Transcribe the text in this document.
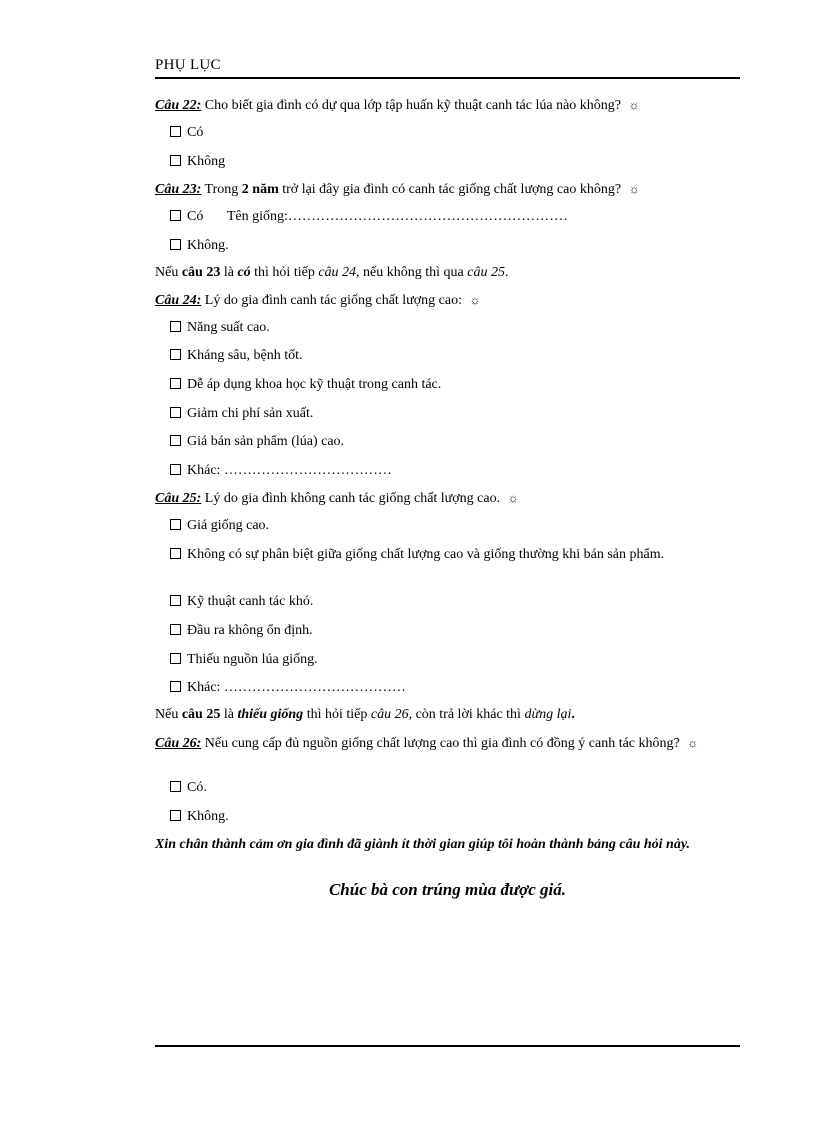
PHỤ LỤC
Câu 22: Cho biết gia đình có dự qua lớp tập huấn kỹ thuật canh tác lúa nào không? ☼
Có
Không
Câu 23: Trong 2 năm trở lại đây gia đình có canh tác giống chất lượng cao không? ☼
Có Tên giống:……………………………………………………
Không.
Nếu câu 23 là có thì hỏi tiếp câu 24, nếu không thì qua câu 25.
Câu 24: Lý do gia đình canh tác giống chất lượng cao: ☼
Năng suất cao.
Kháng sâu, bệnh tốt.
Dễ áp dụng khoa học kỹ thuật trong canh tác.
Giảm chi phí sản xuất.
Giá bán sản phẩm (lúa) cao.
Khác: ………………………………
Câu 25: Lý do gia đình không canh tác giống chất lượng cao. ☼
Giá giống cao.
Không có sự phân biệt giữa giống chất lượng cao và giống thường khi bán sản phẩm.
Kỹ thuật canh tác khó.
Đầu ra không ổn định.
Thiếu nguồn lúa giống.
Khác: …………………………………
Nếu câu 25 là thiếu giống thì hỏi tiếp câu 26, còn trả lời khác thì dừng lại.
Câu 26: Nếu cung cấp đủ nguồn giống chất lượng cao thì gia đình có đồng ý canh tác không? ☼
Có.
Không.
Xin chân thành cảm ơn gia đình đã giành ít thời gian giúp tôi hoàn thành bảng câu hỏi này.
Chúc bà con trúng mùa được giá.
